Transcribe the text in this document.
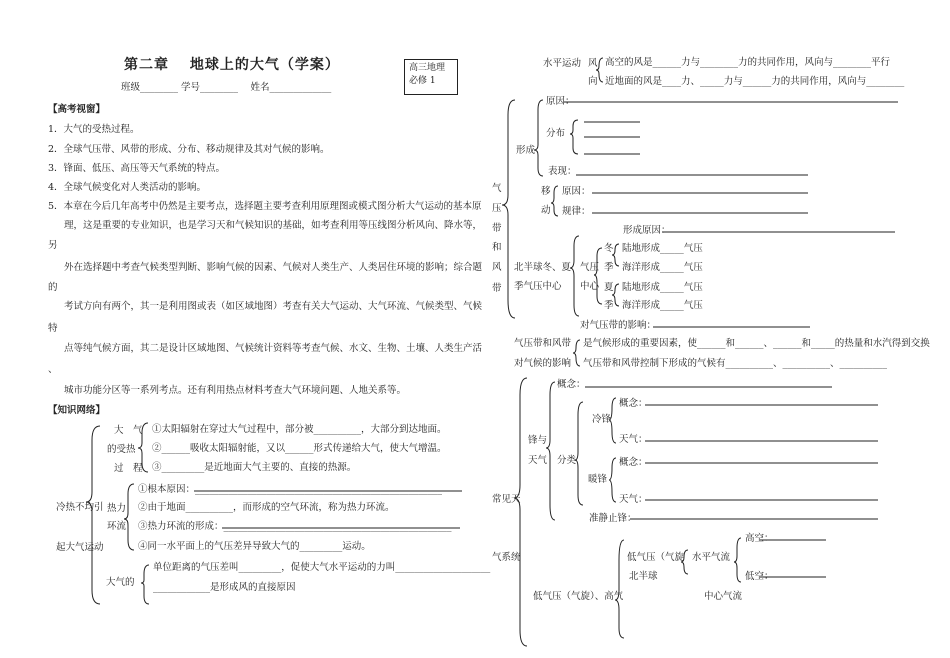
第二章　 地球上的大气（学案）
班级________ 学号________　 姓名_____________
高三地理
必修 1
【高考视窗】
1．大气的受热过程。
2．全球气压带、风带的形成、分布、移动规律及其对气候的影响。
3．锋面、低压、高压等天气系统的特点。
4．全球气候变化对人类活动的影响。
5．本章在今后几年高考中仍然是主要考点，选择题主要考查利用原理图或模式图分析大气运动的基本原
理，这是重要的专业知识，也是学习天和气候知识的基础，如考查利用等压线图分析风向、降水等，
另
外在选择题中考查气候类型判断、影响气候的因素、气候对人类生产、人类居住环境的影响；综合题
的
考试方向有两个，其一是利用图或表（如区域地图）考查有关大气运动、大气环流、气候类型、气候
特
点等纯气候方面，其二是设计区域地图、气候统计资料等考查气候、水文、生物、土壤、人类生产活
、
城市功能分区等一系列考点。还有利用热点材料考查大气环境问题、人地关系等。
【知识网络】
冷热不均引
起大气运动
大　气
的受热
过　程
①太阳辐射在穿过大气过程中，部分被__________，大部分到达地面。
②______吸收太阳辐射能，又以______形式传递给大气，使大气增温。
③_________是近地面大气主要的、直接的热源。
热力
环流
①根本原因：____________________________________________________
②由于地面__________，而形成的空气环流，称为热力环流。
③热力环流的形成：________________________________________________
④同一水平面上的气压差异导致大气的_________运动。
大气的
单位距离的气压差叫_________，促使大气水平运动的力叫____________________
____________是形成风的直接原因
水平运动 风
向
高空的风是______力与________力的共同作用，风向与________平行
近地面的风是____力、_____力与______力的共同作用，风向与________
气
压
带
和
风
带
形成
原因：
分布
表现：
移
动
原因：
规律：
北半球冬、夏
季气压中心
形成原因：
气压
中心
冬
季
夏
季
陆地形成_____气压
海洋形成_____气压
陆地形成_____气压
海洋形成_____气压
对气压带的影响：
气压带和风带
对气候的影响
是气候形成的重要因素，使______和______、______和_____的热量和水汽得到交换
气压带和风带控制下形成的气候有__________、__________、__________
常见天
气系统
锋与
天气
概念：
分类
冷锋
暖锋
概念：
天气：
概念：
天气：
准静止锋：
低气压（气旋）、高气
低气压（气旋
北半球
水平气流
中心气流
高空：
低空：
